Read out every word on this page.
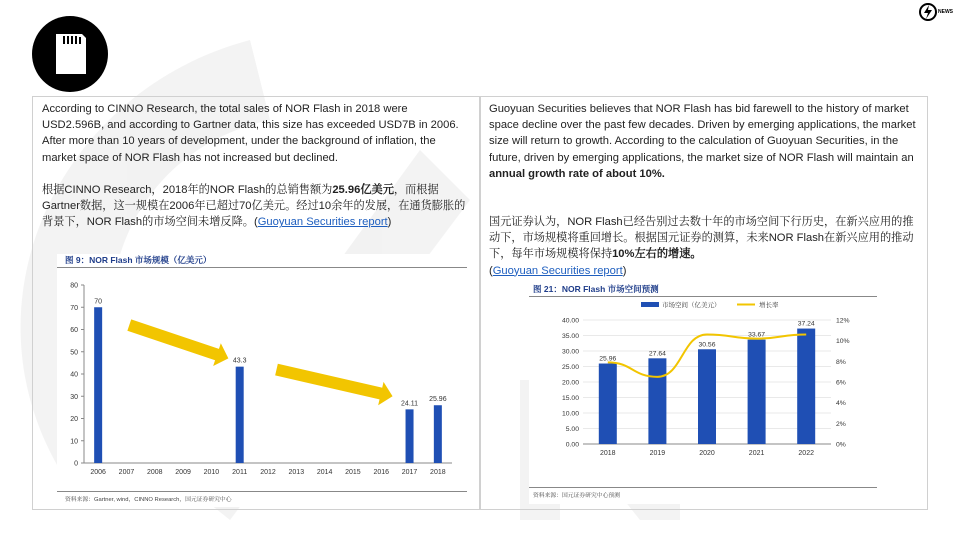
NEWS
According to CINNO Research, the total sales of NOR Flash in 2018 were USD2.596B, and according to Gartner data, this size has exceeded USD7B in 2006. After more than 10 years of development, under the background of inflation, the market space of NOR Flash has not increased but declined.
根据CINNO Research，2018年的NOR Flash的总销售额为25.96亿美元，而根据Gartner数据，这一规模在2006年已超过70亿美元。经过10余年的发展，在通货膨胀的背景下，NOR Flash的市场空间未增反降。(Guoyuan Securities report)
图 9：NOR Flash 市场规模（亿美元）
0
10
20
30
40
50
60
70
80
2006
70
2007 2008 2009 2010 2011
43.3
2012 2013 2014 2015 2016 2017
24.11
2018
25.96
资料来源：Gartner, wind，CINNO Research，国元证券研究中心
Guoyuan Securities believes that NOR Flash has bid farewell to the history of market space decline over the past few decades. Driven by emerging applications, the market size will return to growth. According to the calculation of Guoyuan Securities, in the future, driven by emerging applications, the market size of NOR Flash will maintain an annual growth rate of about 10%.
国元证券认为，NOR Flash已经告别过去数十年的市场空间下行历史，在新兴应用的推动下，市场规模将重回增长。根据国元证券的测算，未来NOR Flash在新兴应用的推动下，每年市场规模将保持10%左右的增速。
(Guoyuan Securities report)
图 21：NOR Flash 市场空间预测
市场空间（亿美元）	增长率
0.00
5.00
10.00
15.00
20.00
25.00
30.00
35.00
40.00
0%
2%
4%
6%
8%
10%
12%
2018
25.96
2019
27.64
2020
30.56
2021
33.67
2022
37.24
资料来源：国元证券研究中心预测
